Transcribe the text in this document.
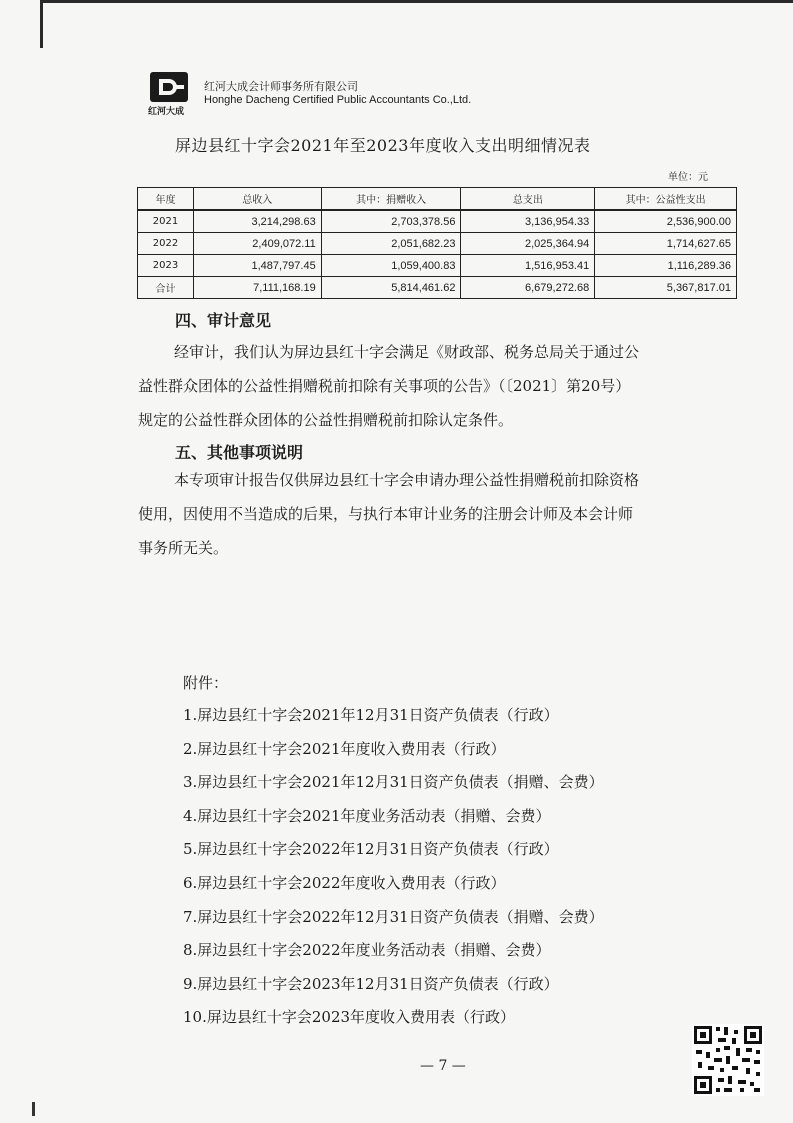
红河大成
红河大成会计师事务所有限公司
Honghe Dacheng Certified Public Accountants Co.,Ltd.
屏边县红十字会2021年至2023年度收入支出明细情况表
单位：元
年度	总收入	其中：捐赠收入	总支出	其中：公益性支出
2021	3,214,298.63	2,703,378.56	3,136,954.33	2,536,900.00
2022	2,409,072.11	2,051,682.23	2,025,364.94	1,714,627.65
2023	1,487,797.45	1,059,400.83	1,516,953.41	1,116,289.36
合计	7,111,168.19	5,814,461.62	6,679,272.68	5,367,817.01
四、审计意见
经审计，我们认为屏边县红十字会满足《财政部、税务总局关于通过公
益性群众团体的公益性捐赠税前扣除有关事项的公告》（〔2021〕第20号）
规定的公益性群众团体的公益性捐赠税前扣除认定条件。
五、其他事项说明
本专项审计报告仅供屏边县红十字会申请办理公益性捐赠税前扣除资格
使用，因使用不当造成的后果，与执行本审计业务的注册会计师及本会计师
事务所无关。
附件：
1.屏边县红十字会2021年12月31日资产负债表（行政）
2.屏边县红十字会2021年度收入费用表（行政）
3.屏边县红十字会2021年12月31日资产负债表（捐赠、会费）
4.屏边县红十字会2021年度业务活动表（捐赠、会费）
5.屏边县红十字会2022年12月31日资产负债表（行政）
6.屏边县红十字会2022年度收入费用表（行政）
7.屏边县红十字会2022年12月31日资产负债表（捐赠、会费）
8.屏边县红十字会2022年度业务活动表（捐赠、会费）
9.屏边县红十字会2023年12月31日资产负债表（行政）
10.屏边县红十字会2023年度收入费用表（行政）
— 7 —
